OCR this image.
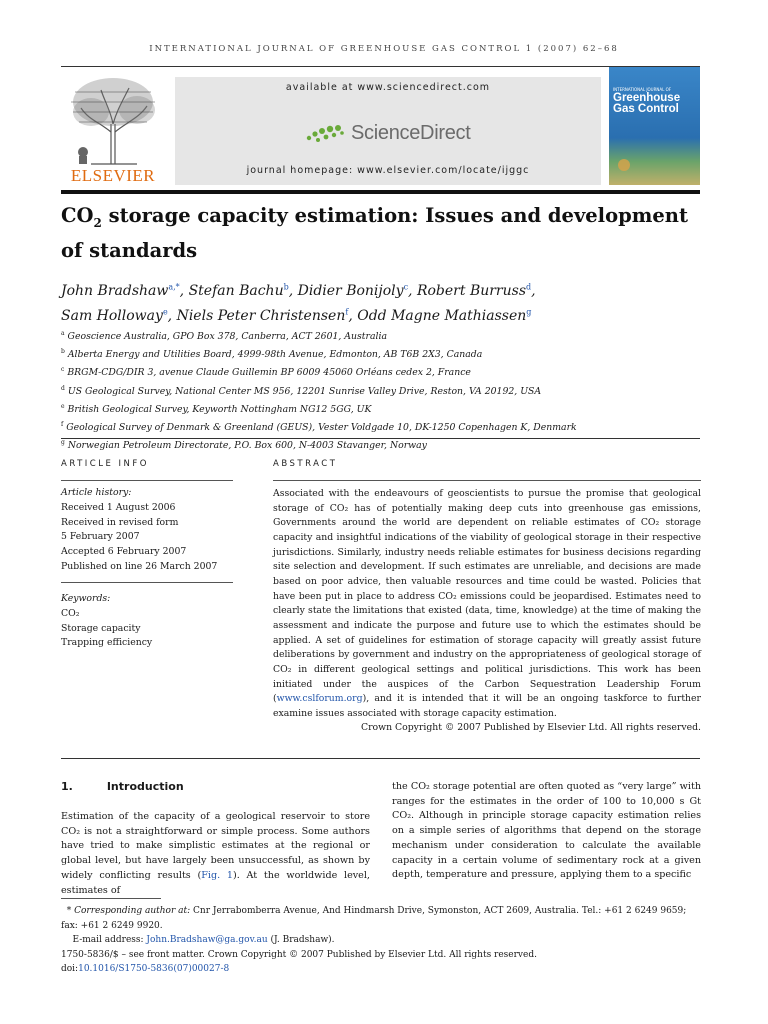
INTERNATIONAL JOURNAL OF GREENHOUSE GAS CONTROL 1 (2007) 62–68
ELSEVIER
available at www.sciencedirect.com
ScienceDirect
journal homepage: www.elsevier.com/locate/ijggc
INTERNATIONAL JOURNAL OF
Greenhouse Gas Control
$CO_2$ storage capacity estimation: Issues and development of standards
John Bradshaw$^{a,*}$, Stefan Bachu$^b$, Didier Bonijoly$^c$, Robert Burruss$^d$,
Sam Holloway$^e$, Niels Peter Christensen$^f$, Odd Magne Mathiassen$^g$
$^a$ Geoscience Australia, GPO Box 378, Canberra, ACT 2601, Australia
$^b$ Alberta Energy and Utilities Board, 4999-98th Avenue, Edmonton, AB T6B 2X3, Canada
$^c$ BRGM-CDG/DIR 3, avenue Claude Guillemin BP 6009 45060 Orléans cedex 2, France
$^d$ US Geological Survey, National Center MS 956, 12201 Sunrise Valley Drive, Reston, VA 20192, USA
$^e$ British Geological Survey, Keyworth Nottingham NG12 5GG, UK
$^f$ Geological Survey of Denmark & Greenland (GEUS), Vester Voldgade 10, DK-1250 Copenhagen K, Denmark
$^g$ Norwegian Petroleum Directorate, P.O. Box 600, N-4003 Stavanger, Norway
ARTICLE INFO
Article history:
Received 1 August 2006
Received in revised form
5 February 2007
Accepted 6 February 2007
Published on line 26 March 2007
Keywords:
CO₂
Storage capacity
Trapping efficiency
ABSTRACT
Associated with the endeavours of geoscientists to pursue the promise that geological storage of CO₂ has of potentially making deep cuts into greenhouse gas emissions, Governments around the world are dependent on reliable estimates of CO₂ storage capacity and insightful indications of the viability of geological storage in their respective jurisdictions. Similarly, industry needs reliable estimates for business decisions regarding site selection and development. If such estimates are unreliable, and decisions are made based on poor advice, then valuable resources and time could be wasted. Policies that have been put in place to address CO₂ emissions could be jeopardised. Estimates need to clearly state the limitations that existed (data, time, knowledge) at the time of making the assessment and indicate the purpose and future use to which the estimates should be applied. A set of guidelines for estimation of storage capacity will greatly assist future deliberations by government and industry on the appropriateness of geological storage of CO₂ in different geological settings and political jurisdictions. This work has been initiated under the auspices of the Carbon Sequestration Leadership Forum (www.cslforum.org), and it is intended that it will be an ongoing taskforce to further examine issues associated with storage capacity estimation.
Crown Copyright © 2007 Published by Elsevier Ltd. All rights reserved.
1.	Introduction
Estimation of the capacity of a geological reservoir to store CO₂ is not a straightforward or simple process. Some authors have tried to make simplistic estimates at the regional or global level, but have largely been unsuccessful, as shown by widely conflicting results (Fig. 1). At the worldwide level, estimates of
the CO₂ storage potential are often quoted as “very large” with ranges for the estimates in the order of 100 to 10,000 s Gt CO₂. Although in principle storage capacity estimation relies on a simple series of algorithms that depend on the storage mechanism under consideration to calculate the available capacity in a certain volume of sedimentary rock at a given depth, temperature and pressure, applying them to a specific
* Corresponding author at: Cnr Jerrabomberra Avenue, And Hindmarsh Drive, Symonston, ACT 2609, Australia. Tel.: +61 2 6249 9659; fax: +61 2 6249 9920.
E-mail address: John.Bradshaw@ga.gov.au (J. Bradshaw).
1750-5836/$ – see front matter. Crown Copyright © 2007 Published by Elsevier Ltd. All rights reserved.
doi:10.1016/S1750-5836(07)00027-8
